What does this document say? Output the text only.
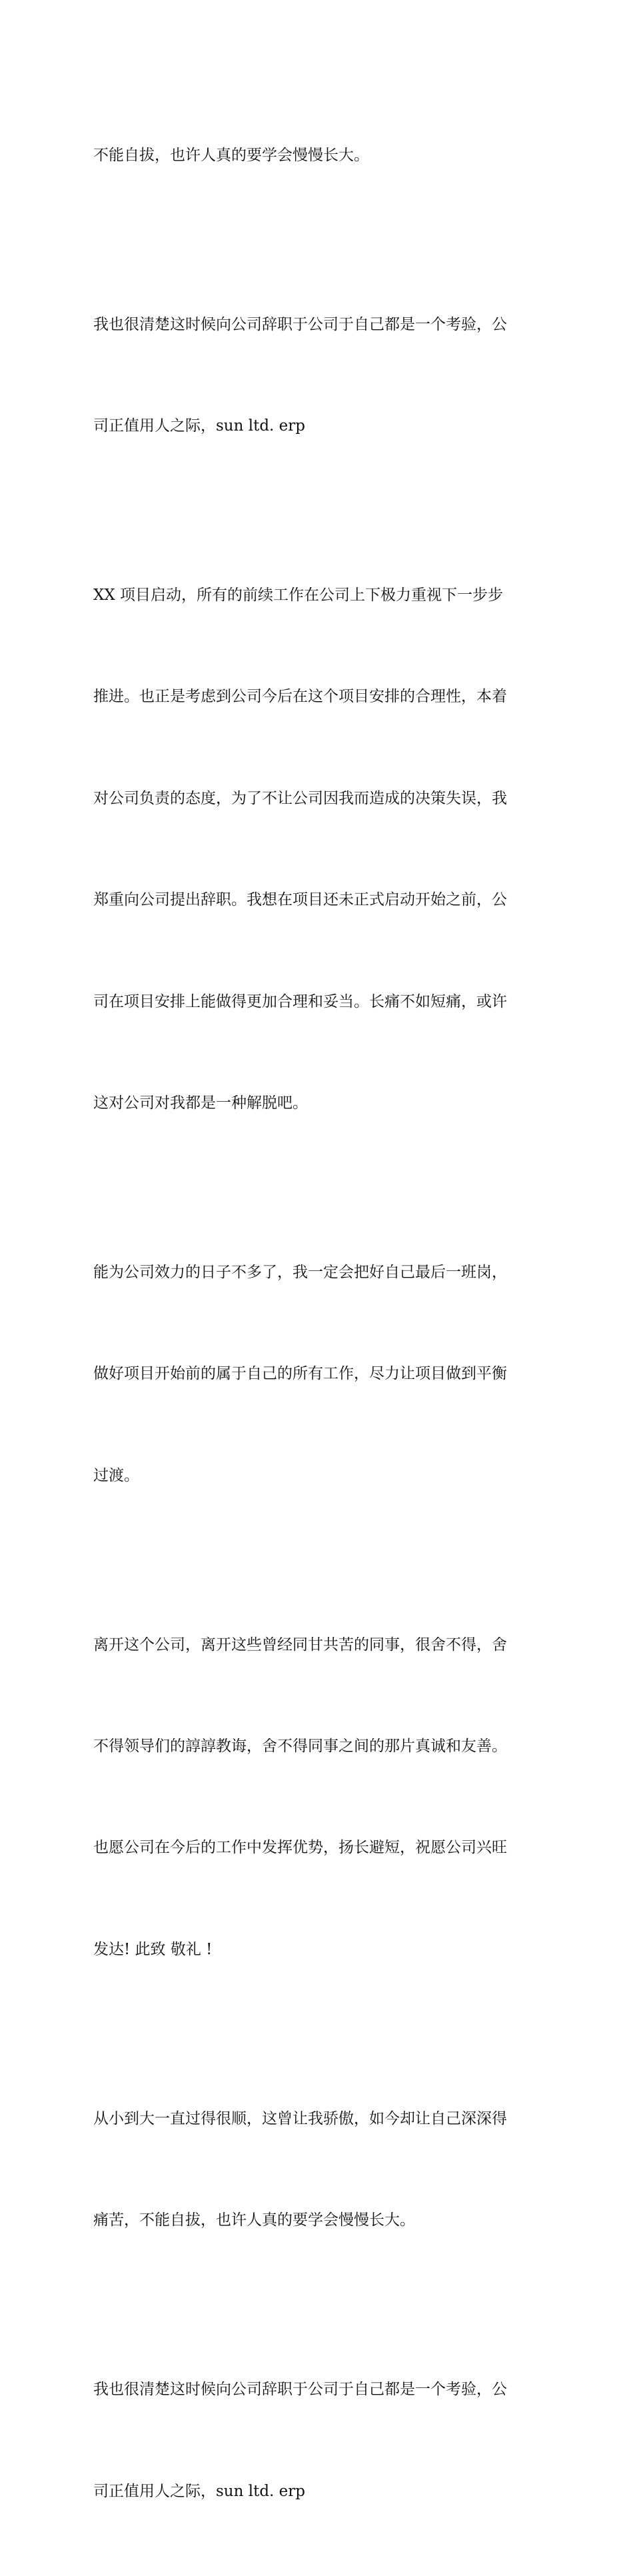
不能自拔，也许人真的要学会慢慢长大。

我也很清楚这时候向公司辞职于公司于自己都是一个考验，公

司正值用人之际，sun ltd. erp

XX 项目启动，所有的前续工作在公司上下极力重视下一步步

推进。也正是考虑到公司今后在这个项目安排的合理性，本着

对公司负责的态度，为了不让公司因我而造成的决策失误，我

郑重向公司提出辞职。我想在项目还未正式启动开始之前，公

司在项目安排上能做得更加合理和妥当。长痛不如短痛，或许

这对公司对我都是一种解脱吧。

能为公司效力的日子不多了，我一定会把好自己最后一班岗，

做好项目开始前的属于自己的所有工作，尽力让项目做到平衡

过渡。

离开这个公司，离开这些曾经同甘共苦的同事，很舍不得，舍

不得领导们的諄諄教诲，舍不得同事之间的那片真诚和友善。

也愿公司在今后的工作中发挥优势，扬长避短，祝愿公司兴旺

发达! 此致 敬礼 !

从小到大一直过得很顺，这曾让我骄傲，如今却让自己深深得

痛苦，不能自拔，也许人真的要学会慢慢长大。

我也很清楚这时候向公司辞职于公司于自己都是一个考验，公

司正值用人之际，sun ltd. erp
